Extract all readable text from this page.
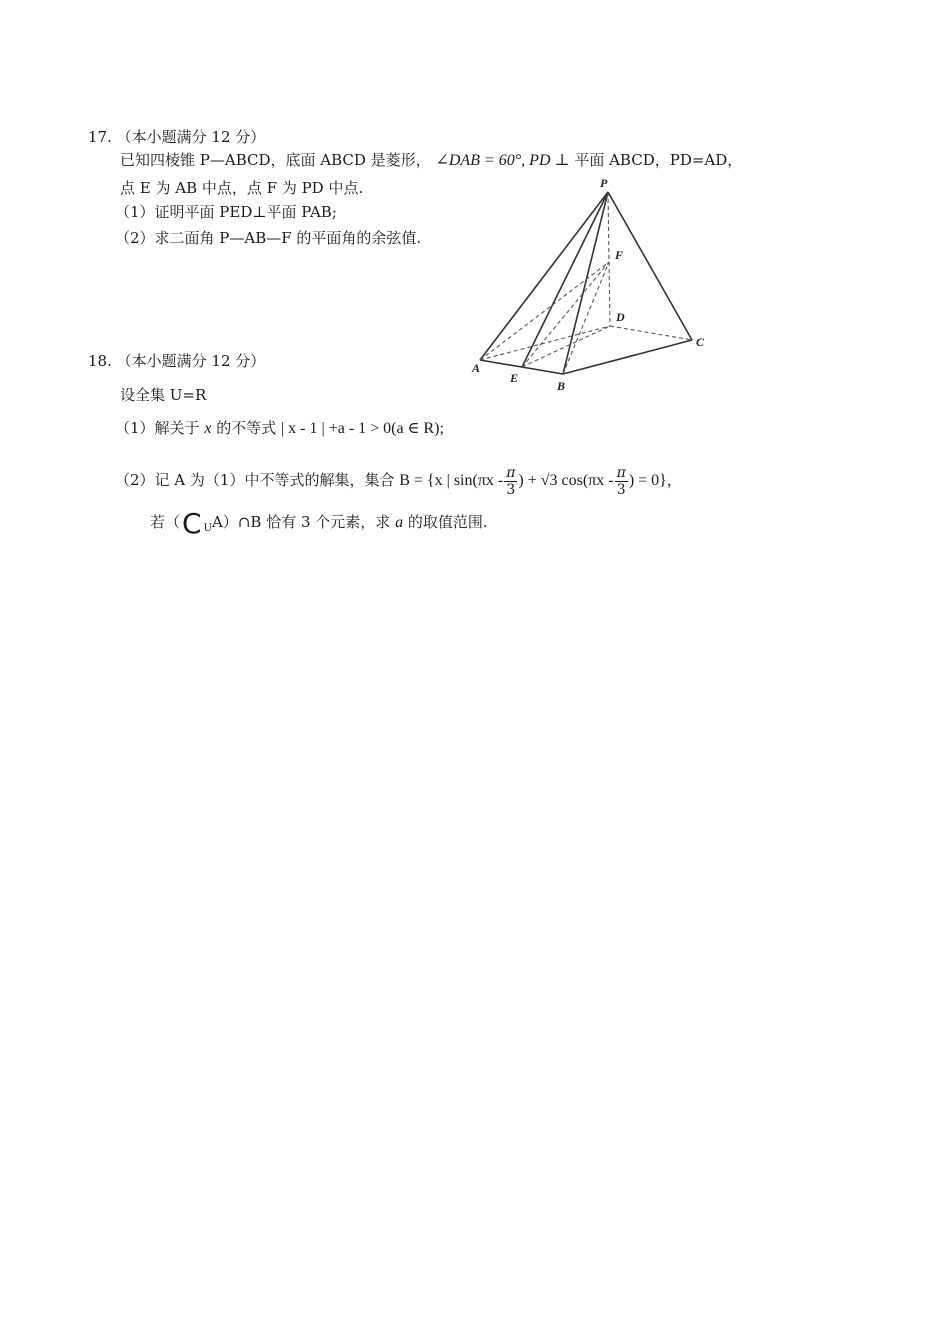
17. （本小题满分 12 分）
已知四棱锥 P—ABCD，底面 ABCD 是菱形， ∠DAB = 60°, PD ⊥ 平面 ABCD，PD=AD，
点 E 为 AB 中点，点 F 为 PD 中点.
（1）证明平面 PED⊥平面 PAB;
（2）求二面角 P—AB—F 的平面角的余弦值.
P
F
D
C
A
E
B
18. （本小题满分 12 分）
设全集 U=R
（1）解关于 x 的不等式 | x - 1 | +a - 1 > 0(a ∈ R);
（2）记 A 为（1）中不等式的解集，集合 B = {x | $\sin(\pi x - \frac{\pi}{3}$ ) + √3 $\cos(\pi x - \frac{\pi}{3}$ ) = 0}，
若（C $_U$A）∩B 恰有 3 个元素，求 a 的取值范围.
